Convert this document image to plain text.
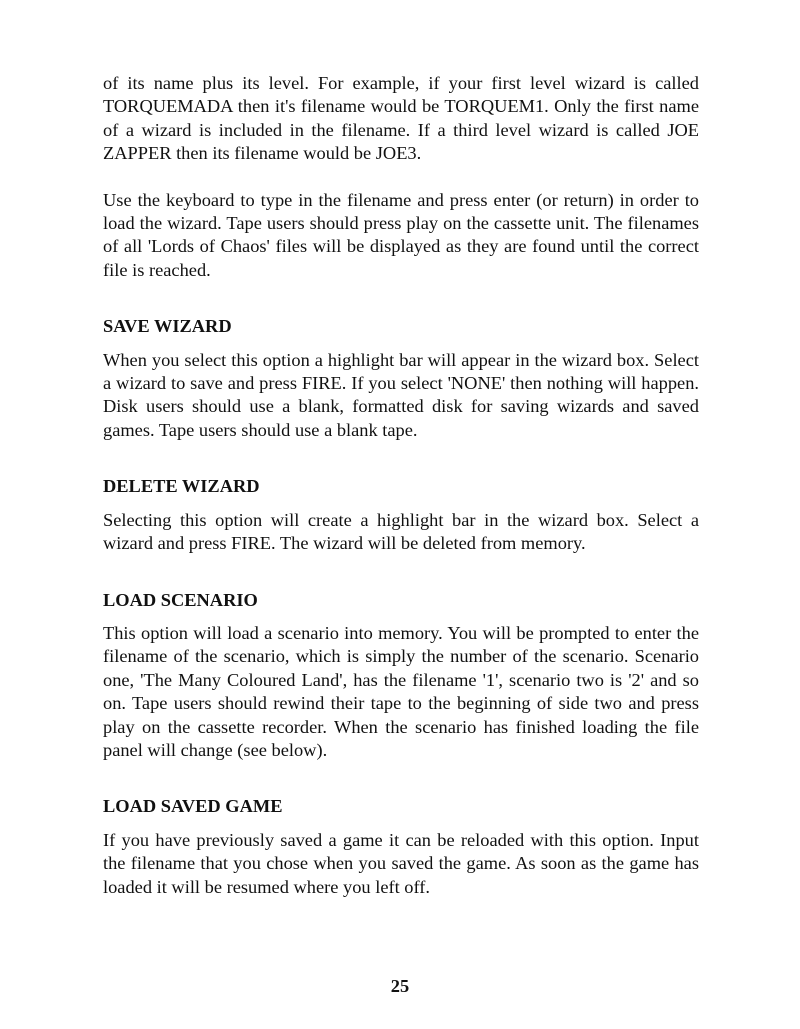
of its name plus its level. For example, if your first level wizard is called TORQUEMADA then it's filename would be TORQUEM1. Only the first name of a wizard is included in the filename. If a third level wizard is called JOE ZAPPER then its filename would be JOE3.

Use the keyboard to type in the filename and press enter (or return) in order to load the wizard. Tape users should press play on the cassette unit. The filenames of all 'Lords of Chaos' files will be displayed as they are found until the correct file is reached.

SAVE WIZARD

When you select this option a highlight bar will appear in the wizard box. Select a wizard to save and press FIRE. If you select 'NONE' then nothing will happen. Disk users should use a blank, formatted disk for saving wizards and saved games. Tape users should use a blank tape.

DELETE WIZARD

Selecting this option will create a highlight bar in the wizard box. Select a wizard and press FIRE. The wizard will be deleted from memory.

LOAD SCENARIO

This option will load a scenario into memory. You will be prompted to enter the filename of the scenario, which is simply the number of the scenario. Scenario one, 'The Many Coloured Land', has the filename '1', scenario two is '2' and so on. Tape users should rewind their tape to the beginning of side two and press play on the cassette recorder. When the scenario has finished loading the file panel will change (see below).

LOAD SAVED GAME

If you have previously saved a game it can be reloaded with this option. Input the filename that you chose when you saved the game. As soon as the game has loaded it will be resumed where you left off.

25
